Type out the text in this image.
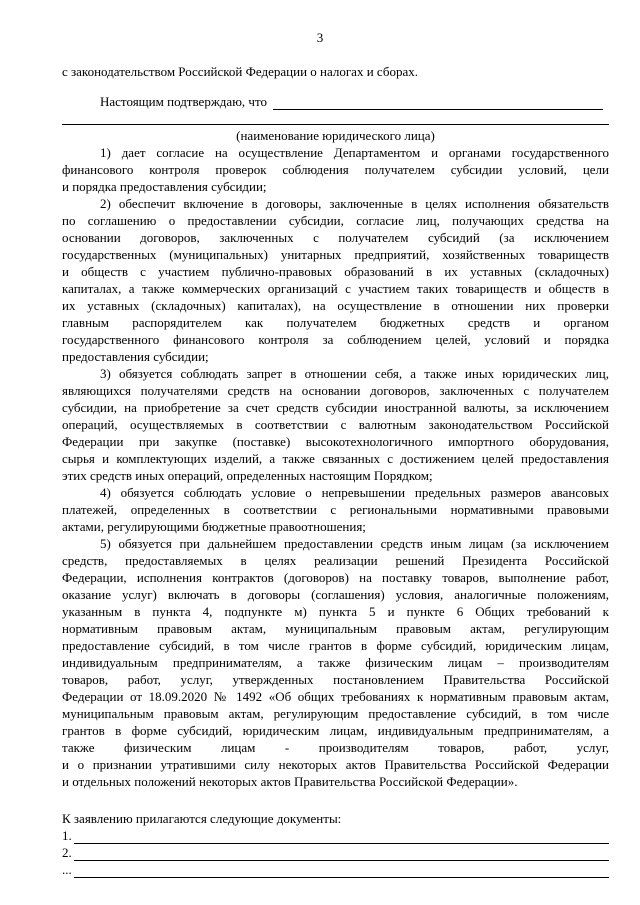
3
с законодательством Российской Федерации о налогах и сборах.
Настоящим подтверждаю, что
(наименование юридического лица)
1) дает согласие на осуществление Департаментом и органами государственного
финансового контроля проверок соблюдения получателем субсидии условий, цели
и порядка предоставления субсидии;
2) обеспечит включение в договоры, заключенные в целях исполнения обязательств
по соглашению о предоставлении субсидии, согласие лиц, получающих средства на
основании договоров, заключенных с получателем субсидий (за исключением
государственных (муниципальных) унитарных предприятий, хозяйственных товариществ
и обществ с участием публично-правовых образований в их уставных (складочных)
капиталах, а также коммерческих организаций с участием таких товариществ и обществ в
их уставных (складочных) капиталах), на осуществление в отношении них проверки
главным распорядителем как получателем бюджетных средств и органом
государственного финансового контроля за соблюдением целей, условий и порядка
предоставления субсидии;
3) обязуется соблюдать запрет в отношении себя, а также иных юридических лиц,
являющихся получателями средств на основании договоров, заключенных с получателем
субсидии, на приобретение за счет средств субсидии иностранной валюты, за исключением
операций, осуществляемых в соответствии с валютным законодательством Российской
Федерации при закупке (поставке) высокотехнологичного импортного оборудования,
сырья и комплектующих изделий, а также связанных с достижением целей предоставления
этих средств иных операций, определенных настоящим Порядком;
4) обязуется соблюдать условие о непревышении предельных размеров авансовых
платежей, определенных в соответствии с региональными нормативными правовыми
актами, регулирующими бюджетные правоотношения;
5) обязуется при дальнейшем предоставлении средств иным лицам (за исключением
средств, предоставляемых в целях реализации решений Президента Российской
Федерации, исполнения контрактов (договоров) на поставку товаров, выполнение работ,
оказание услуг) включать в договоры (соглашения) условия, аналогичные положениям,
указанным в пункта 4, подпункте м) пункта 5 и пункте 6 Общих требований к
нормативным правовым актам, муниципальным правовым актам, регулирующим
предоставление субсидий, в том числе грантов в форме субсидий, юридическим лицам,
индивидуальным предпринимателям, а также физическим лицам – производителям
товаров, работ, услуг, утвержденных постановлением Правительства Российской
Федерации от 18.09.2020 № 1492 «Об общих требованиях к нормативным правовым актам,
муниципальным правовым актам, регулирующим предоставление субсидий, в том числе
грантов в форме субсидий, юридическим лицам, индивидуальным предпринимателям, а
также физическим лицам - производителям товаров, работ, услуг,
и о признании утратившими силу некоторых актов Правительства Российской Федерации
и отдельных положений некоторых актов Правительства Российской Федерации».
К заявлению прилагаются следующие документы:
1.
2.
...
